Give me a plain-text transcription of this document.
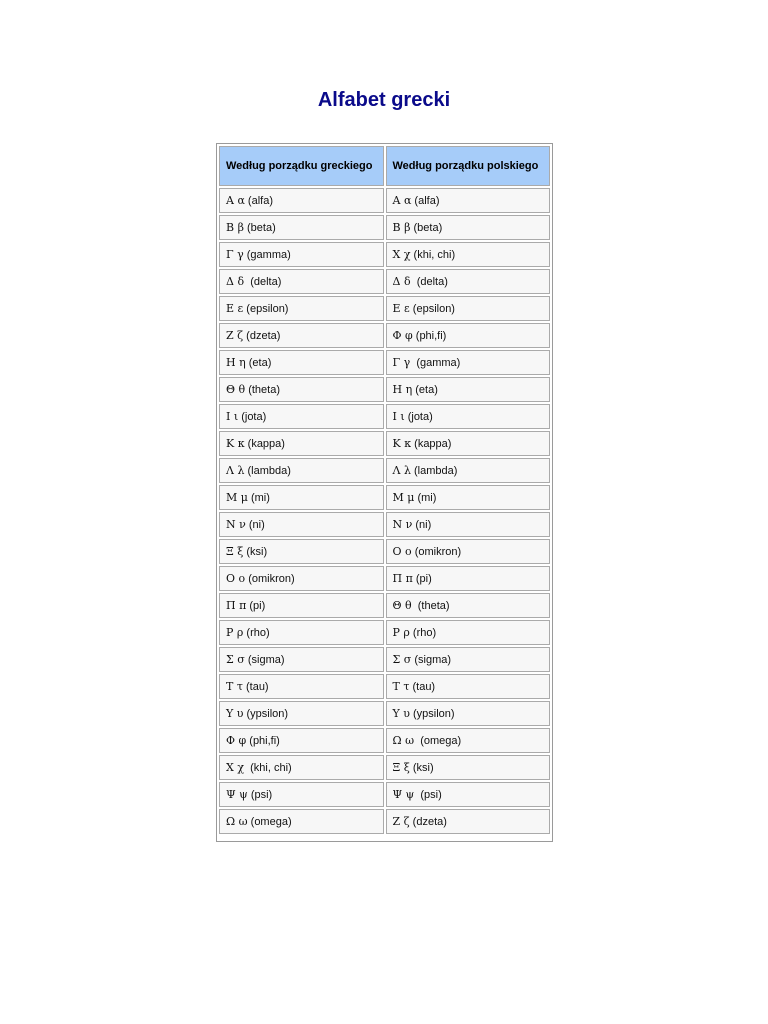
Alfabet grecki
Według porządku greckiego	Według porządku polskiego
Α α (alfa)	Α α (alfa)
Β β (beta)	Β β (beta)
Γ γ (gamma)	Χ χ (khi, chi)
Δ δ  (delta)	Δ δ  (delta)
Ε ε (epsilon)	Ε ε (epsilon)
Ζ ζ (dzeta)	Φ φ (phi,fi)
Η η (eta)	Γ γ  (gamma)
Θ θ (theta)	Η η (eta)
Ι ι (jota)	Ι ι (jota)
Κ κ (kappa)	Κ κ (kappa)
Λ λ (lambda)	Λ λ (lambda)
Μ μ (mi)	Μ μ (mi)
Ν ν (ni)	Ν ν (ni)
Ξ ξ (ksi)	Ο ο (omikron)
Ο ο (omikron)	Π π (pi)
Π π (pi)	Θ θ  (theta)
Ρ ρ (rho)	Ρ ρ (rho)
Σ σ (sigma)	Σ σ (sigma)
Τ τ (tau)	Τ τ (tau)
Υ υ (ypsilon)	Υ υ (ypsilon)
Φ φ (phi,fi)	Ω ω  (omega)
Χ χ  (khi, chi)	Ξ ξ (ksi)
Ψ ψ (psi)	Ψ ψ  (psi)
Ω ω (omega)	Ζ ζ (dzeta)
